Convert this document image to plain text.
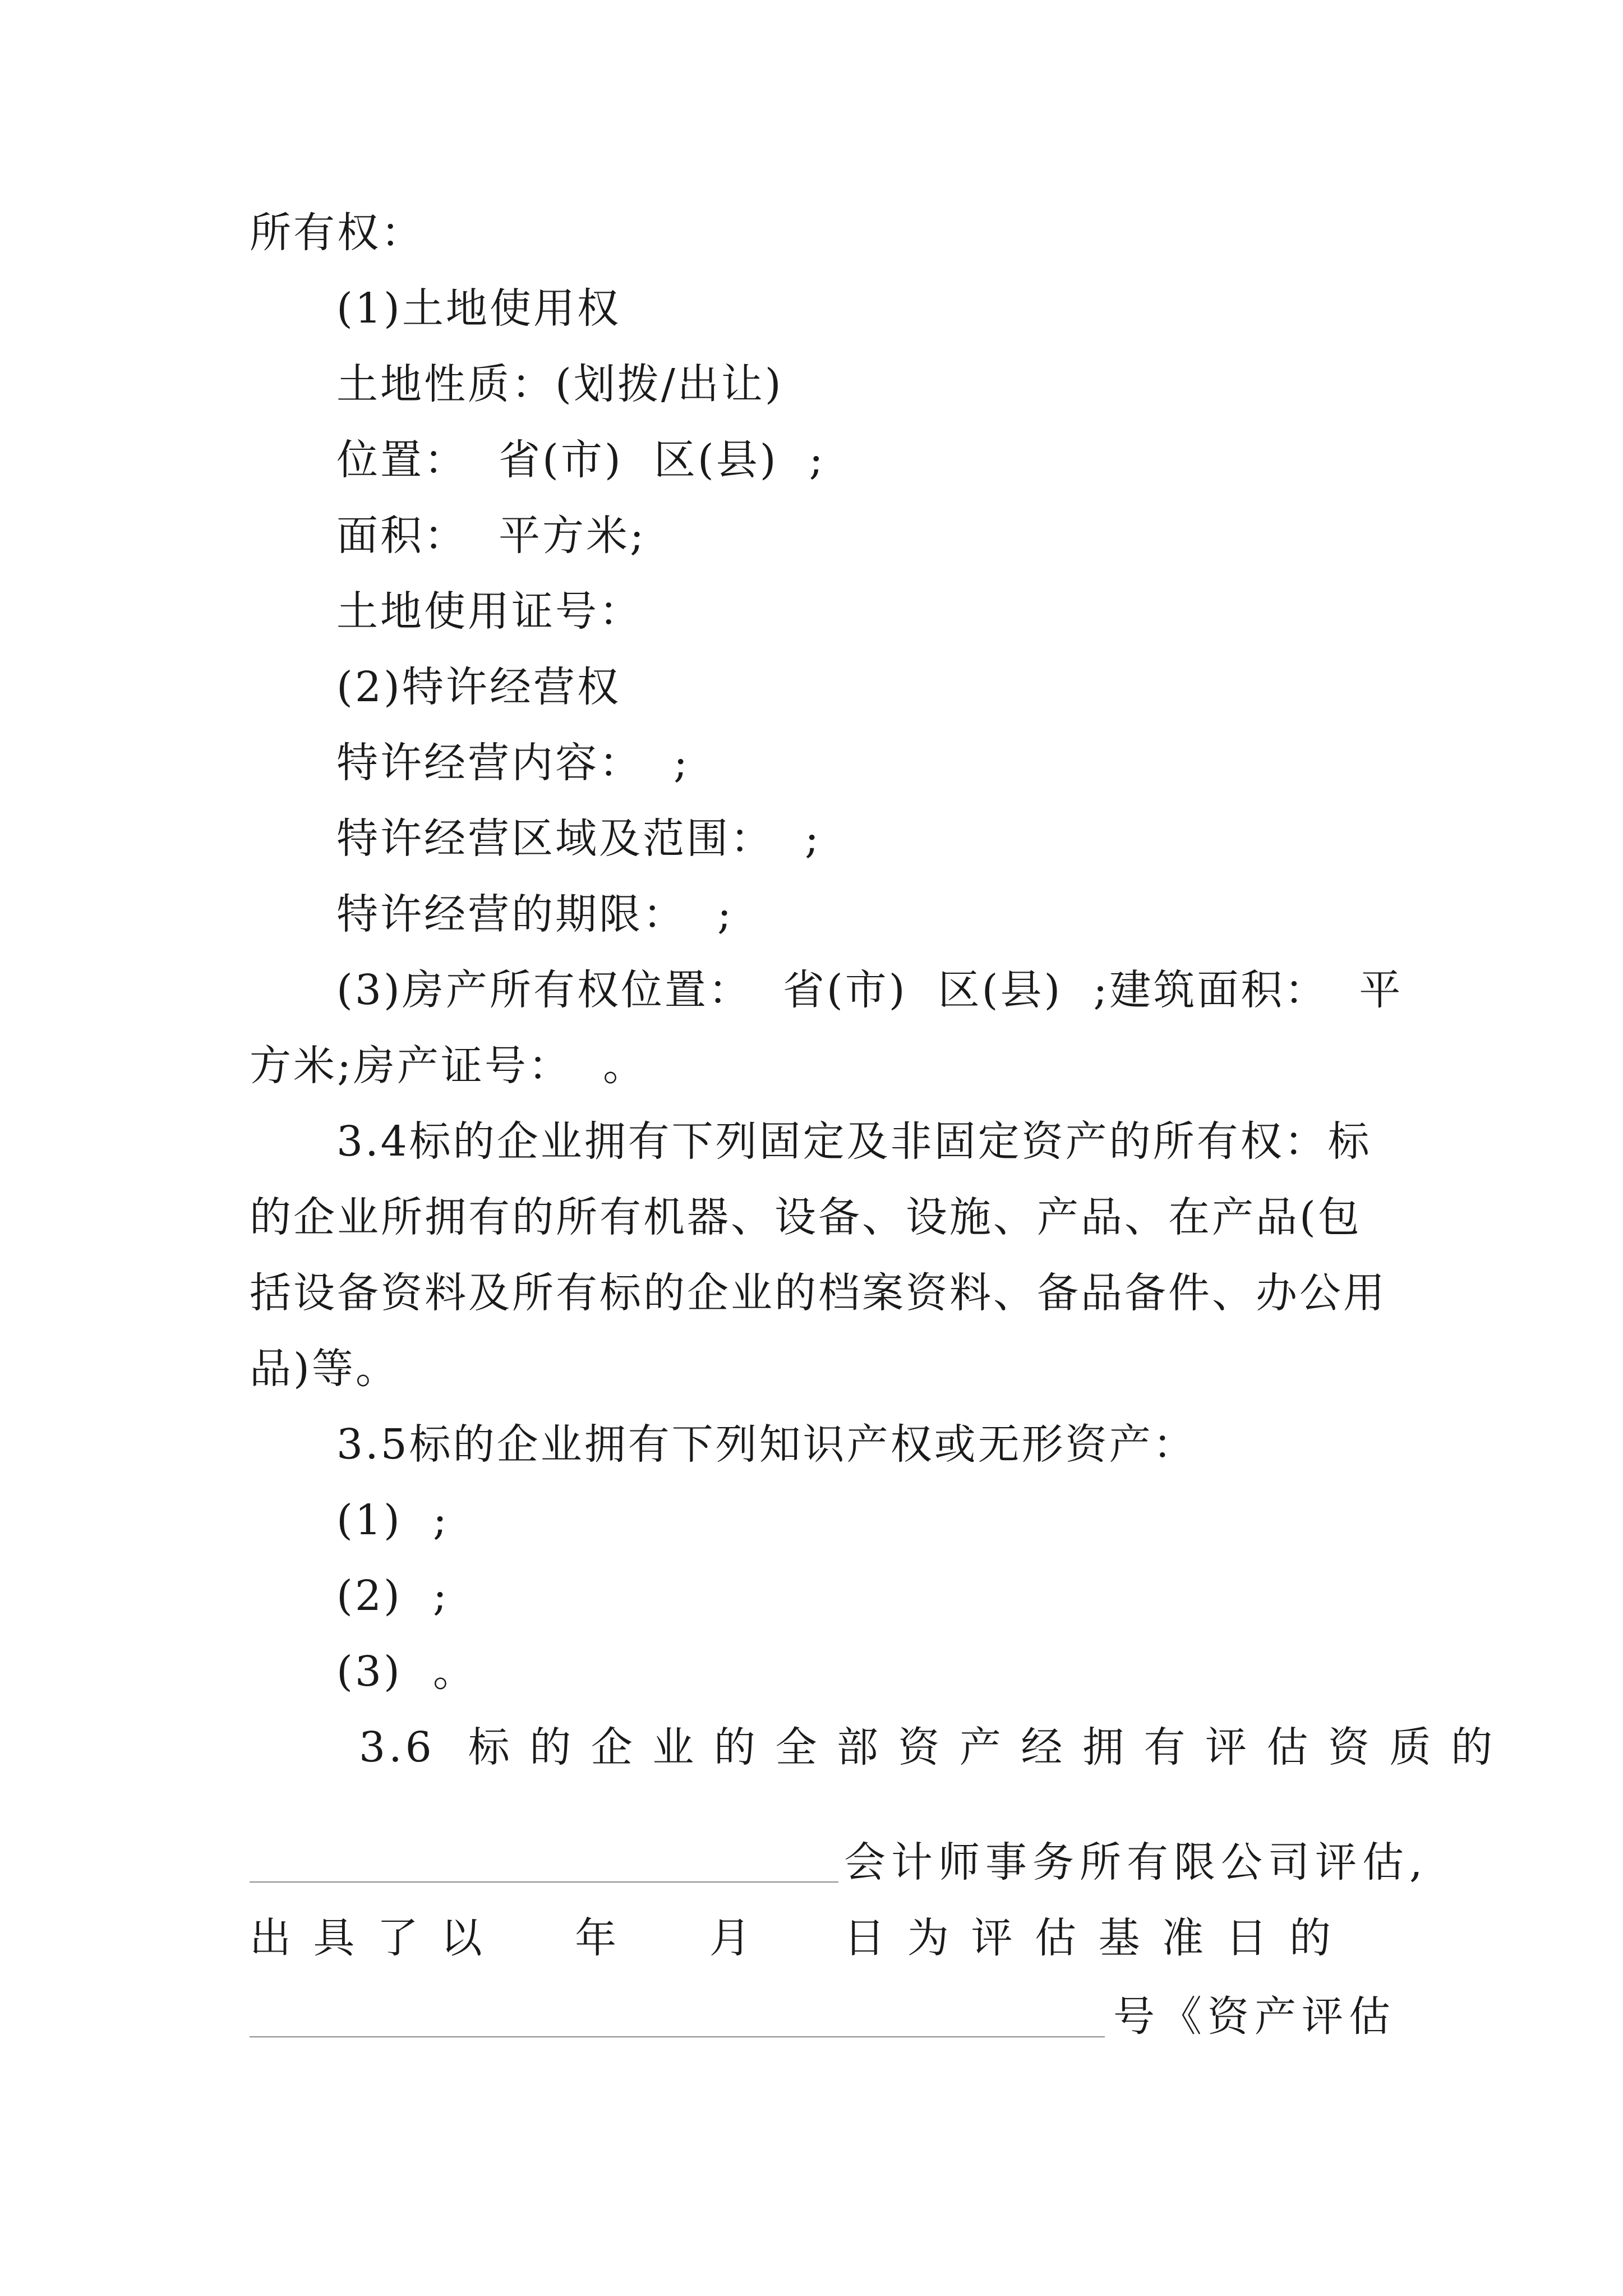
所有权：
(1)土地使用权
土地性质：(划拨/出让)
位置：  省(市)  区(县)  ;
面积：  平方米;
土地使用证号：
(2)特许经营权
特许经营内容：  ;
特许经营区域及范围：  ;
特许经营的期限：  ;
(3)房产所有权位置：  省(市)  区(县)  ;建筑面积：  平
方米;房产证号：  。
3.4标的企业拥有下列固定及非固定资产的所有权：标
的企业所拥有的所有机器、设备、设施、产品、在产品(包
括设备资料及所有标的企业的档案资料、备品备件、办公用
品)等。
3.5标的企业拥有下列知识产权或无形资产：
(1)  ;
(2)  ;
(3)  。
3.6  标 的 企 业 的 全 部 资 产 经 拥 有 评 估 资 质 的
会计师事务所有限公司评估,
出 具 了 以     年     月     日 为 评 估 基 准 日 的
号《资产评估
